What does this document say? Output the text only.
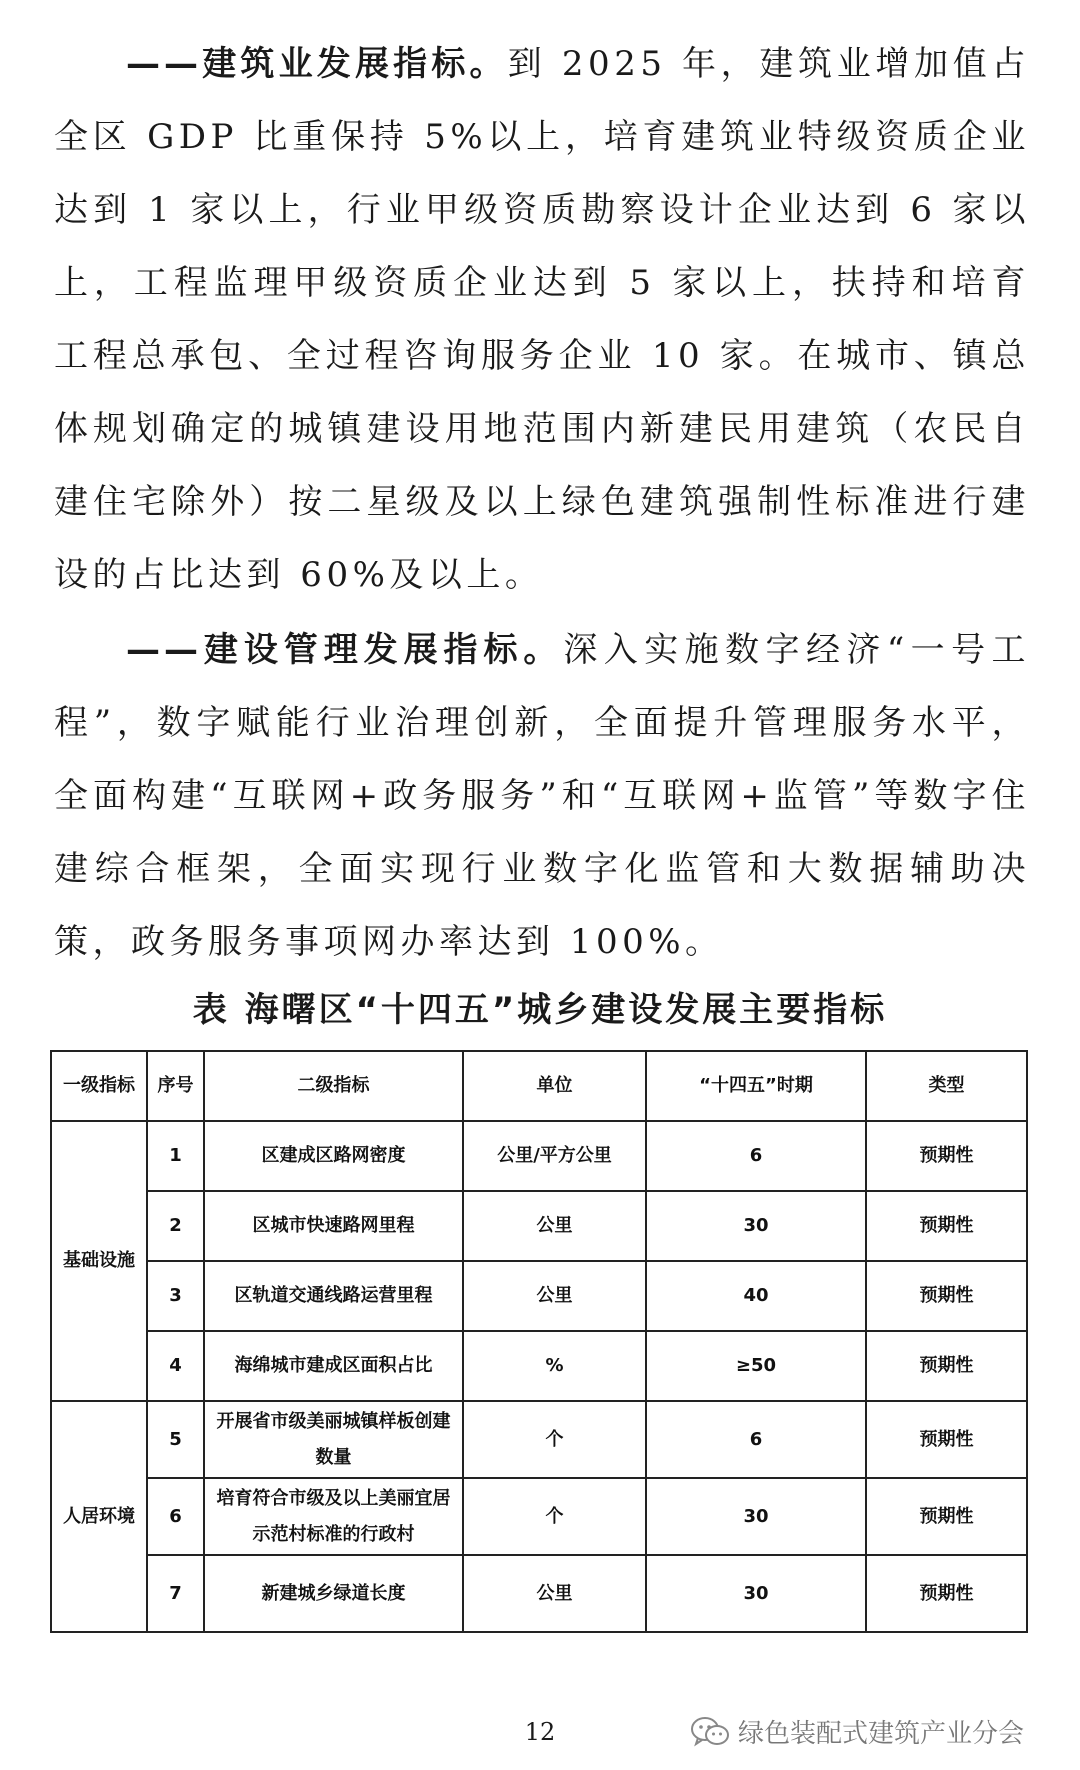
——建筑业发展指标。到 2025 年，建筑业增加值占全区 GDP 比重保持 5%以上，培育建筑业特级资质企业达到 1 家以上，行业甲级资质勘察设计企业达到 6 家以上，工程监理甲级资质企业达到 5 家以上，扶持和培育工程总承包、全过程咨询服务企业 10 家。在城市、镇总体规划确定的城镇建设用地范围内新建民用建筑（农民自建住宅除外）按二星级及以上绿色建筑强制性标准进行建设的占比达到 60%及以上。

——建设管理发展指标。深入实施数字经济“一号工程”，数字赋能行业治理创新，全面提升管理服务水平，全面构建“互联网+政务服务”和“互联网+监管”等数字住建综合框架，全面实现行业数字化监管和大数据辅助决策，政务服务事项网办率达到 100%。

表 海曙区“十四五”城乡建设发展主要指标
一级指标	序号	二级指标	单位	“十四五”时期	类型
基础设施	1	区建成区路网密度	公里/平方公里	6	预期性
	2	区城市快速路网里程	公里	30	预期性
	3	区轨道交通线路运营里程	公里	40	预期性
	4	海绵城市建成区面积占比	%	≥50	预期性
人居环境	5	开展省市级美丽城镇样板创建数量	个	6	预期性
	6	培育符合市级及以上美丽宜居示范村标准的行政村	个	30	预期性
	7	新建城乡绿道长度	公里	30	预期性
12	绿色装配式建筑产业分会
